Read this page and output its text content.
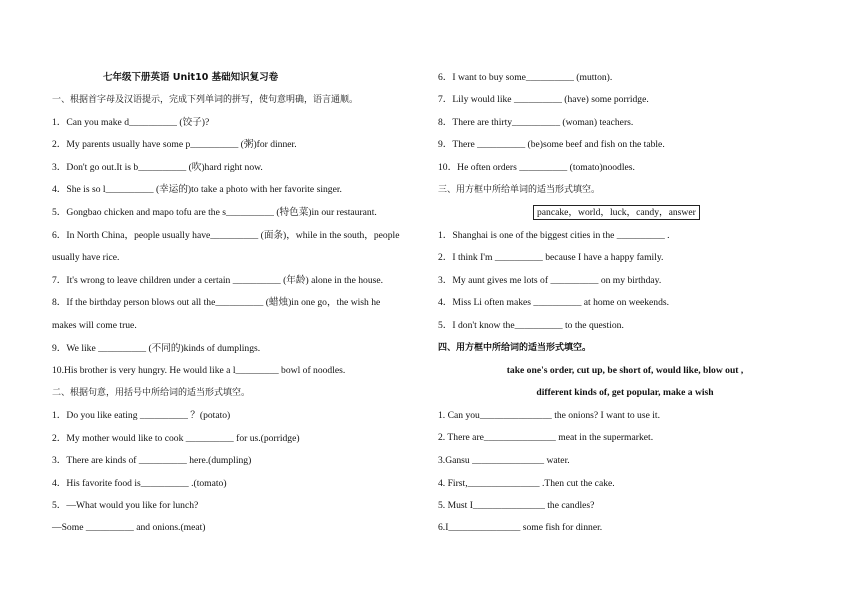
七年级下册英语 Unit10 基础知识复习卷
一、根据首字母及汉语提示，完成下列单词的拼写，使句意明确，语言通顺。
1．Can you make d__________ (饺子)?
2．My parents usually have some p__________ (粥)for dinner.
3．Don't go out.It is b__________ (吹)hard right now.
4．She is so l__________ (幸运的)to take a photo with her favorite singer.
5．Gongbao chicken and mapo tofu are the s__________ (特色菜)in our restaurant.
6．In North China，people usually have__________ (面条)，while in the south，people
usually have rice.
7．It's wrong to leave children under a certain __________ (年龄) alone in the house.
8．If the birthday person blows out all the__________ (蜡烛)in one go，the wish he
makes will come true.
9．We like __________ (不同的)kinds of dumplings.
10.His brother is very hungry. He would like a l_________ bowl of noodles.
二、根据句意，用括号中所给词的适当形式填空。
1．Do you like eating __________ ？(potato)
2．My mother would like to cook __________ for us.(porridge)
3．There are kinds of __________ here.(dumpling)
4．His favorite food is__________ .(tomato)
5．—What would you like for lunch?
—Some __________ and onions.(meat)
6．I want to buy some__________ (mutton).
7．Lily would like __________ (have) some porridge.
8．There are thirty__________ (woman) teachers.
9．There __________ (be)some beef and fish on the table.
10．He often orders __________ (tomato)noodles.
三、用方框中所给单词的适当形式填空。
pancake，world，luck，candy，answer
1．Shanghai is one of the biggest cities in the __________ .
2．I think I'm __________ because I have a happy family.
3．My aunt gives me lots of __________ on my birthday.
4．Miss Li often makes __________ at home on weekends.
5．I don't know the__________ to the question.
四、用方框中所给词的适当形式填空。
take one's order, cut up, be short of, would like, blow out ,
different kinds of, get popular, make a wish
1. Can you_______________ the onions? I want to use it.
2. There are_______________ meat in the supermarket.
3.Gansu _______________ water.
4. First,_______________ .Then cut the cake.
5. Must I_______________ the candles?
6.I_______________ some fish for dinner.
